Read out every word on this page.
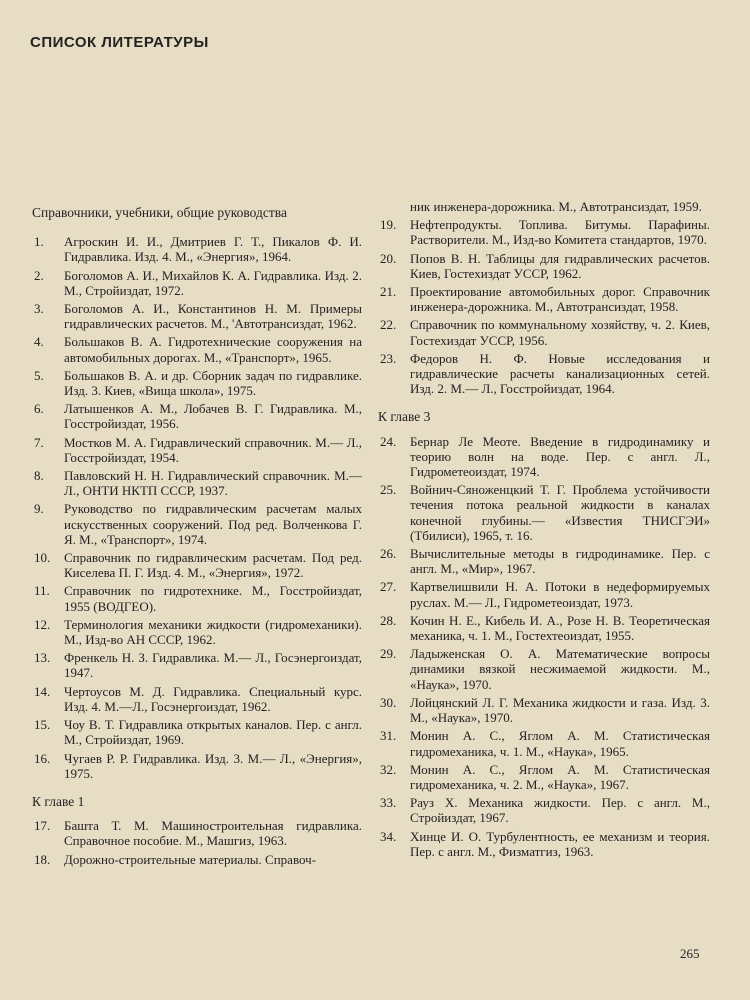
СПИСОК ЛИТЕРАТУРЫ
Справочники, учебники, общие руководства
1. Агроскин И. И., Дмитриев Г. Т., Пикалов Ф. И. Гидравлика. Изд. 4. М., «Энергия», 1964.
2. Боголомов А. И., Михайлов К. А. Гидравлика. Изд. 2. М., Стройиздат, 1972.
3. Боголомов А. И., Константинов Н. М. Примеры гидравлических расчетов. М., 'Автотрансиздат, 1962.
4. Большаков В. А. Гидротехнические сооружения на автомобильных дорогах. М., «Транспорт», 1965.
5. Большаков В. А. и др. Сборник задач по гидравлике. Изд. 3. Киев, «Вища школа», 1975.
6. Латышенков А. М., Лобачев В. Г. Гидравлика. М., Госстройиздат, 1956.
7. Мостков М. А. Гидравлический справочник. М.— Л., Госстройиздат, 1954.
8. Павловский Н. Н. Гидравлический справочник. М.— Л., ОНТИ НКТП СССР, 1937.
9. Руководство по гидравлическим расчетам малых искусственных сооружений. Под ред. Волченкова Г. Я. М., «Транспорт», 1974.
10. Справочник по гидравлическим расчетам. Под ред. Киселева П. Г. Изд. 4. М., «Энергия», 1972.
11. Справочник по гидротехнике. М., Госстройиздат, 1955 (ВОДГЕО).
12. Терминология механики жидкости (гидромеханики). М., Изд-во АН СССР, 1962.
13. Френкель Н. З. Гидравлика. М.— Л., Госэнергоиздат, 1947.
14. Чертоусов М. Д. Гидравлика. Специальный курс. Изд. 4. М.—Л., Госэнергоиздат, 1962.
15. Чоу В. Т. Гидравлика открытых каналов. Пер. с англ. М., Стройиздат, 1969.
16. Чугаев Р. Р. Гидравлика. Изд. 3. М.— Л., «Энергия», 1975.
К главе 1
17. Башта Т. М. Машиностроительная гидравлика. Справочное пособие. М., Машгиз, 1963.
18. Дорожно-строительные материалы. Справоч-
ник инженера-дорожника. М., Автотрансиздат, 1959.
19. Нефтепродукты. Топлива. Битумы. Парафины. Растворители. М., Изд-во Комитета стандартов, 1970.
20. Попов В. Н. Таблицы для гидравлических расчетов. Киев, Гостехиздат УССР, 1962.
21. Проектирование автомобильных дорог. Справочник инженера-дорожника. М., Автотрансиздат, 1958.
22. Справочник по коммунальному хозяйству, ч. 2. Киев, Гостехиздат УССР, 1956.
23. Федоров Н. Ф. Новые исследования и гидравлические расчеты канализационных сетей. Изд. 2. М.— Л., Госстройиздат, 1964.
К главе 3
24. Бернар Ле Меоте. Введение в гидродинамику и теорию волн на воде. Пер. с англ. Л., Гидрометеоиздат, 1974.
25. Войнич-Сяноженцкий Т. Г. Проблема устойчивости течения потока реальной жидкости в каналах конечной глубины.— «Известия ТНИСГЭИ» (Тбилиси), 1965, т. 16.
26. Вычислительные методы в гидродинамике. Пер. с англ. М., «Мир», 1967.
27. Картвелишвили Н. А. Потоки в недеформируемых руслах. М.— Л., Гидрометеоиздат, 1973.
28. Кочин Н. Е., Кибель И. А., Розе Н. В. Теоретическая механика, ч. 1. М., Гостехтеоиздат, 1955.
29. Ладыженская О. А. Математические вопросы динамики вязкой несжимаемой жидкости. М., «Наука», 1970.
30. Лойцянский Л. Г. Механика жидкости и газа. Изд. 3. М., «Наука», 1970.
31. Монин А. С., Яглом А. М. Статистическая гидромеханика, ч. 1. М., «Наука», 1965.
32. Монин А. С., Яглом А. М. Статистическая гидромеханика, ч. 2. М., «Наука», 1967.
33. Рауз Х. Механика жидкости. Пер. с англ. М., Стройиздат, 1967.
34. Хинце И. О. Турбулентность, ее механизм и теория. Пер. с англ. М., Физматгиз, 1963.
265
